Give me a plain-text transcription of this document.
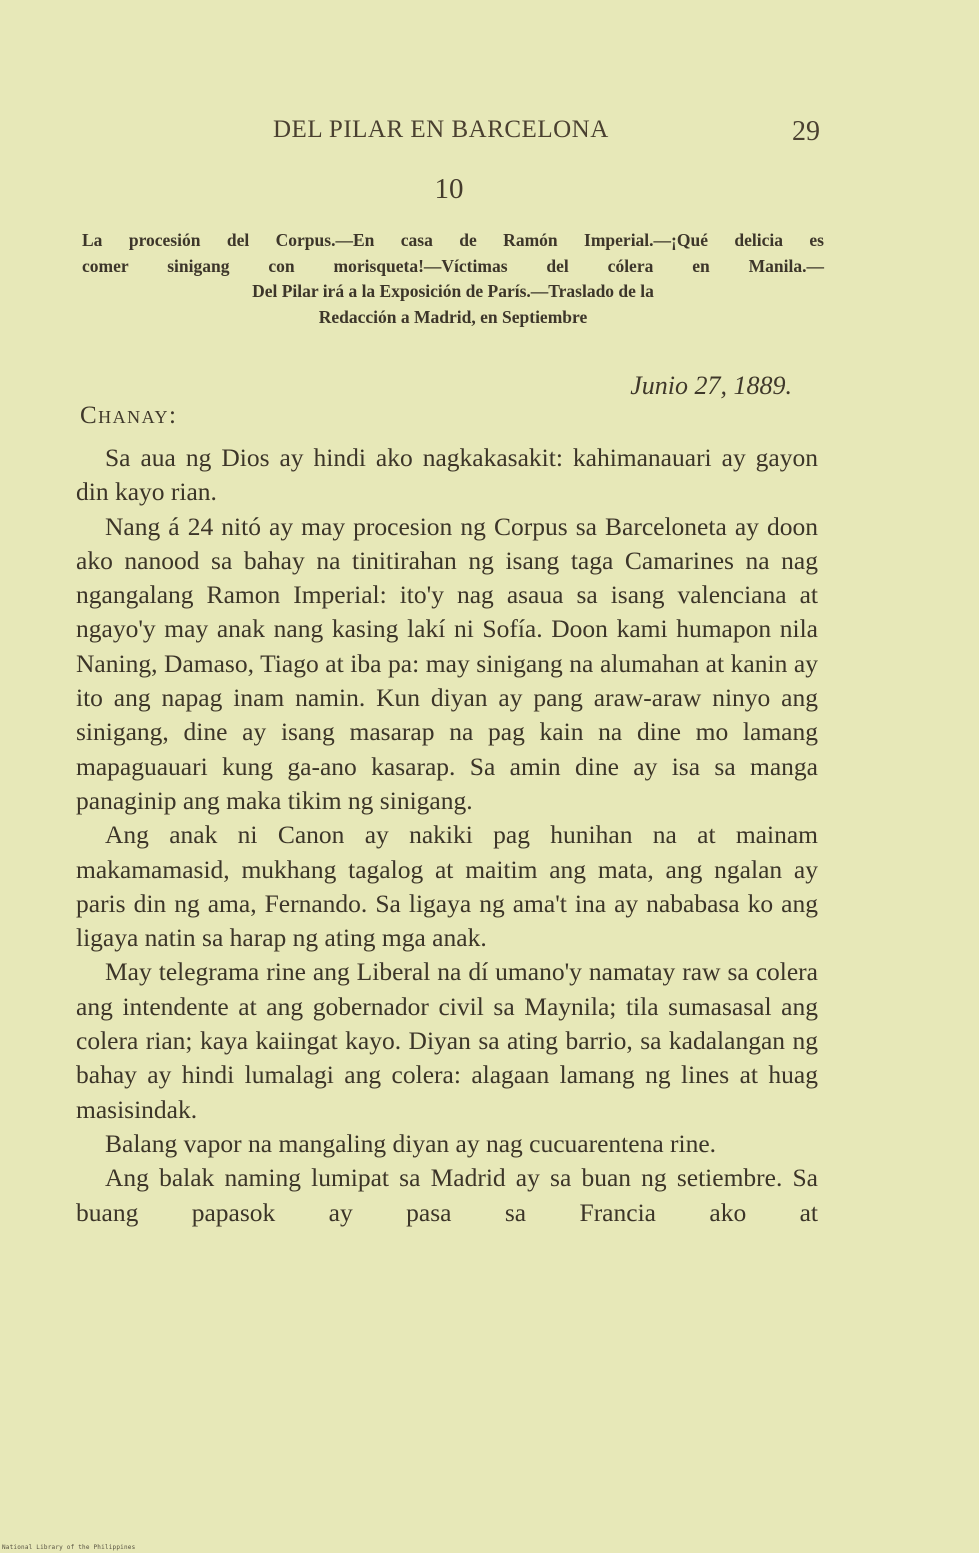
DEL PILAR EN BARCELONA	29
10
La procesión del Corpus.—En casa de Ramón Imperial.—¡Qué delicia es
comer sinigang con morisqueta!—Víctimas del cólera en Manila.—
Del Pilar irá a la Exposición de París.—Traslado de la
Redacción a Madrid, en Septiembre
Junio 27, 1889.
Chanay:

Sa aua ng Dios ay hindi ako nagkakasakit: kahimanauari ay gayon din kayo rian.

Nang á 24 nitó ay may procesion ng Corpus sa Barceloneta ay doon ako nanood sa bahay na tinitirahan ng isang taga Camarines na nag ngangalang Ramon Imperial: ito'y nag asaua sa isang valenciana at ngayo'y may anak nang kasing lakí ni Sofía. Doon kami humapon nila Naning, Damaso, Tiago at iba pa: may sinigang na alumahan at kanin ay ito ang napag inam namin. Kun diyan ay pang araw-araw ninyo ang sinigang, dine ay isang masarap na pag kain na dine mo lamang mapaguauari kung ga-ano kasarap. Sa amin dine ay isa sa manga panaginip ang maka tikim ng sinigang.

Ang anak ni Canon ay nakiki pag hunihan na at mainam makamamasid, mukhang tagalog at maitim ang mata, ang ngalan ay paris din ng ama, Fernando. Sa ligaya ng ama't ina ay nababasa ko ang ligaya natin sa harap ng ating mga anak.

May telegrama rine ang Liberal na dí umano'y namatay raw sa colera ang intendente at ang gobernador civil sa Maynila; tila sumasasal ang colera rian; kaya kaiingat kayo. Diyan sa ating barrio, sa kadalangan ng bahay ay hindi lumalagi ang colera: alagaan lamang ng lines at huag masisindak.

Balang vapor na mangaling diyan ay nag cucuarentena rine.

Ang balak naming lumipat sa Madrid ay sa buan ng setiembre. Sa buang papasok ay pasa sa Francia ako at

National Library of the Philippines
